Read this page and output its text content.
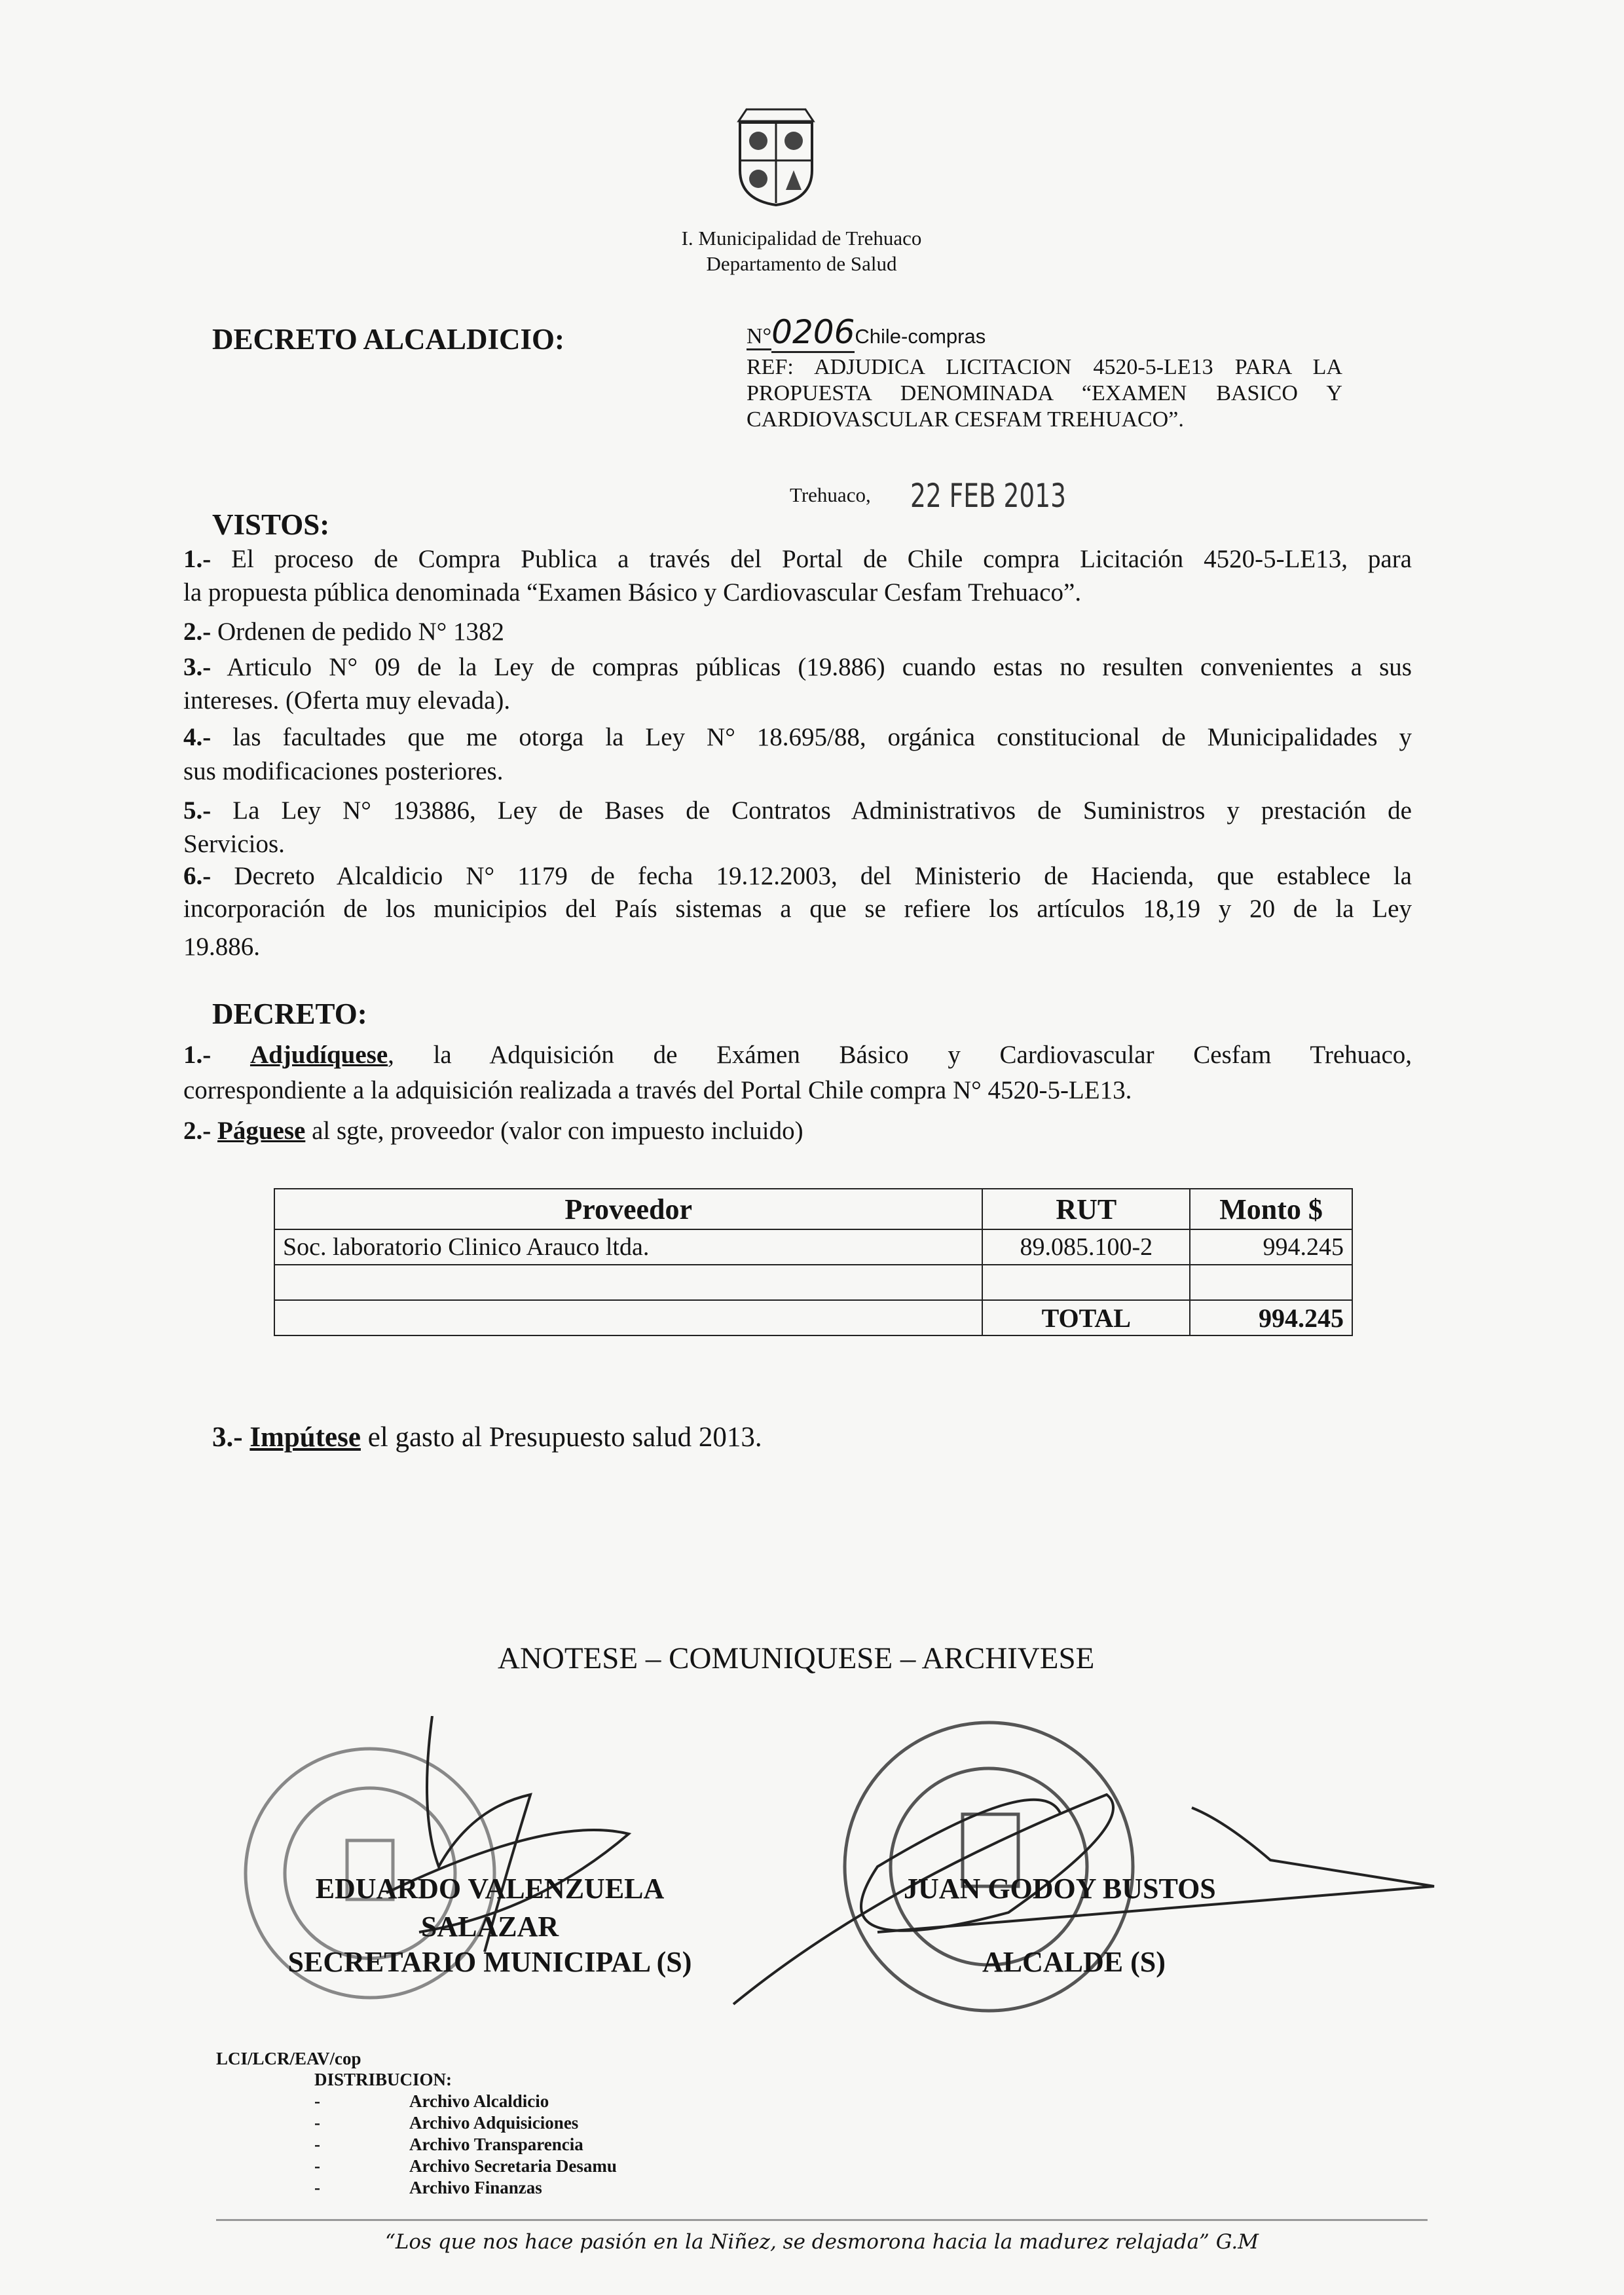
I. Municipalidad de Trehuaco
Departamento de Salud
DECRETO ALCALDICIO:	N°0206Chile-compras
REF: ADJUDICA LICITACION 4520-5-LE13 PARA LA
PROPUESTA DENOMINADA “EXAMEN BASICO Y
CARDIOVASCULAR CESFAM TREHUACO”.
Trehuaco, 22 FEB 2013
VISTOS:
1.- El proceso de Compra Publica a través del Portal de Chile compra Licitación 4520-5-LE13, para
la propuesta pública denominada “Examen Básico y Cardiovascular Cesfam Trehuaco”.
2.- Ordenen de pedido N° 1382
3.- Articulo N° 09 de la Ley de compras públicas (19.886) cuando estas no resulten convenientes a sus
intereses. (Oferta muy elevada).
4.- las facultades que me otorga la Ley N° 18.695/88, orgánica constitucional de Municipalidades y
sus modificaciones posteriores.
5.- La Ley N° 193886, Ley de Bases de Contratos Administrativos de Suministros y prestación de
Servicios.
6.- Decreto Alcaldicio N° 1179 de fecha 19.12.2003, del Ministerio de Hacienda, que establece la
incorporación de los municipios del País sistemas a que se refiere los artículos 18,19 y 20 de la Ley
19.886.
DECRETO:
1.- Adjudíquese, la Adquisición de Exámen Básico y Cardiovascular Cesfam Trehuaco,
correspondiente a la adquisición realizada a través del Portal Chile compra N° 4520-5-LE13.
2.- Páguese al sgte, proveedor (valor con impuesto incluido)
Proveedor	RUT	Monto $
Soc. laboratorio Clinico Arauco ltda.	89.085.100-2	994.245

	TOTAL	994.245
3.- Impútese el gasto al Presupuesto salud 2013.
ANOTESE – COMUNIQUESE – ARCHIVESE
EDUARDO VALENZUELA
SALAZAR
SECRETARIO MUNICIPAL (S)
JUAN GODOY BUSTOS
ALCALDE (S)
LCI/LCR/EAV/cop
DISTRIBUCION:
-	Archivo Alcaldicio
-	Archivo Adquisiciones
-	Archivo Transparencia
-	Archivo Secretaria Desamu
-	Archivo Finanzas
“Los que nos hace pasión en la Niñez, se desmorona hacia la madurez relajada” G.M
